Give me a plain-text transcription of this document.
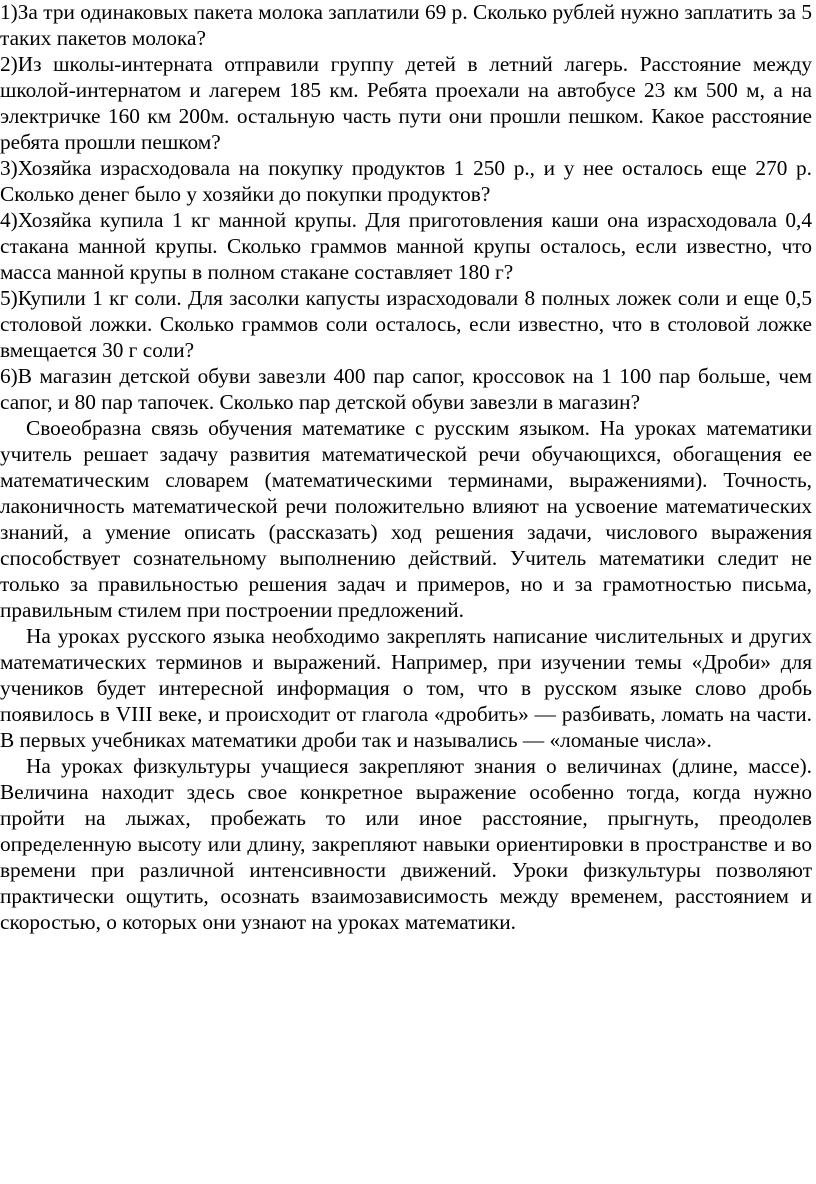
1)За три одинаковых пакета молока заплатили 69 р. Сколько рублей нужно заплатить за 5 таких пакетов молока?

2)Из школы-интерната отправили группу детей в летний лагерь. Расстояние между школой-интернатом и лагерем 185 км. Ребята проехали на автобусе 23 км 500 м, а на электричке 160 км 200м. остальную часть пути они прошли пешком. Какое расстояние ребята прошли пешком?

3)Хозяйка израсходовала на покупку продуктов 1 250 р., и у нее осталось еще 270 р. Сколько денег было у хозяйки до покупки продуктов?

4)Хозяйка купила 1 кг манной крупы. Для приготовления каши она израсходовала 0,4 стакана манной крупы. Сколько граммов манной крупы осталось, если известно, что масса манной крупы в полном стакане составляет 180 г?

5)Купили 1 кг соли. Для засолки капусты израсходовали 8 полных ложек соли и еще 0,5 столовой ложки. Сколько граммов соли осталось, если известно, что в столовой ложке вмещается 30 г соли?

6)В магазин детской обуви завезли 400 пар сапог, кроссовок на 1 100 пар больше, чем сапог, и 80 пар тапочек. Сколько пар детской обуви завезли в магазин?

Своеобразна связь обучения математике с русским языком. На уроках математики учитель решает задачу развития математической речи обучающихся, обогащения ее математическим словарем (математическими терминами, выражениями). Точность, лаконичность математической речи положительно влияют на усвоение математических знаний, а умение описать (рассказать) ход решения задачи, числового выражения способствует сознательному выполнению действий. Учитель математики следит не только за правильностью решения задач и примеров, но и за грамотностью письма, правильным стилем при построении предложений.

На уроках русского языка необходимо закреплять написание числительных и других математических терминов и выражений. Например, при изучении темы «Дроби» для учеников будет интересной информация о том, что в русском языке слово дробь появилось в VIII веке, и происходит от глагола «дробить» — разбивать, ломать на части. В первых учебниках математики дроби так и назывались — «ломаные числа».

На уроках физкультуры учащиеся закрепляют знания о величинах (длине, массе). Величина находит здесь свое конкретное выражение особенно тогда, когда нужно пройти на лыжах, пробежать то или иное расстояние, прыгнуть, преодолев определенную высоту или длину, закрепляют навыки ориентировки в пространстве и во времени при различной интенсивности движений. Уроки физкультуры позволяют практически ощутить, осознать взаимозависимость между временем, расстоянием и скоростью, о которых они узнают на уроках математики.
